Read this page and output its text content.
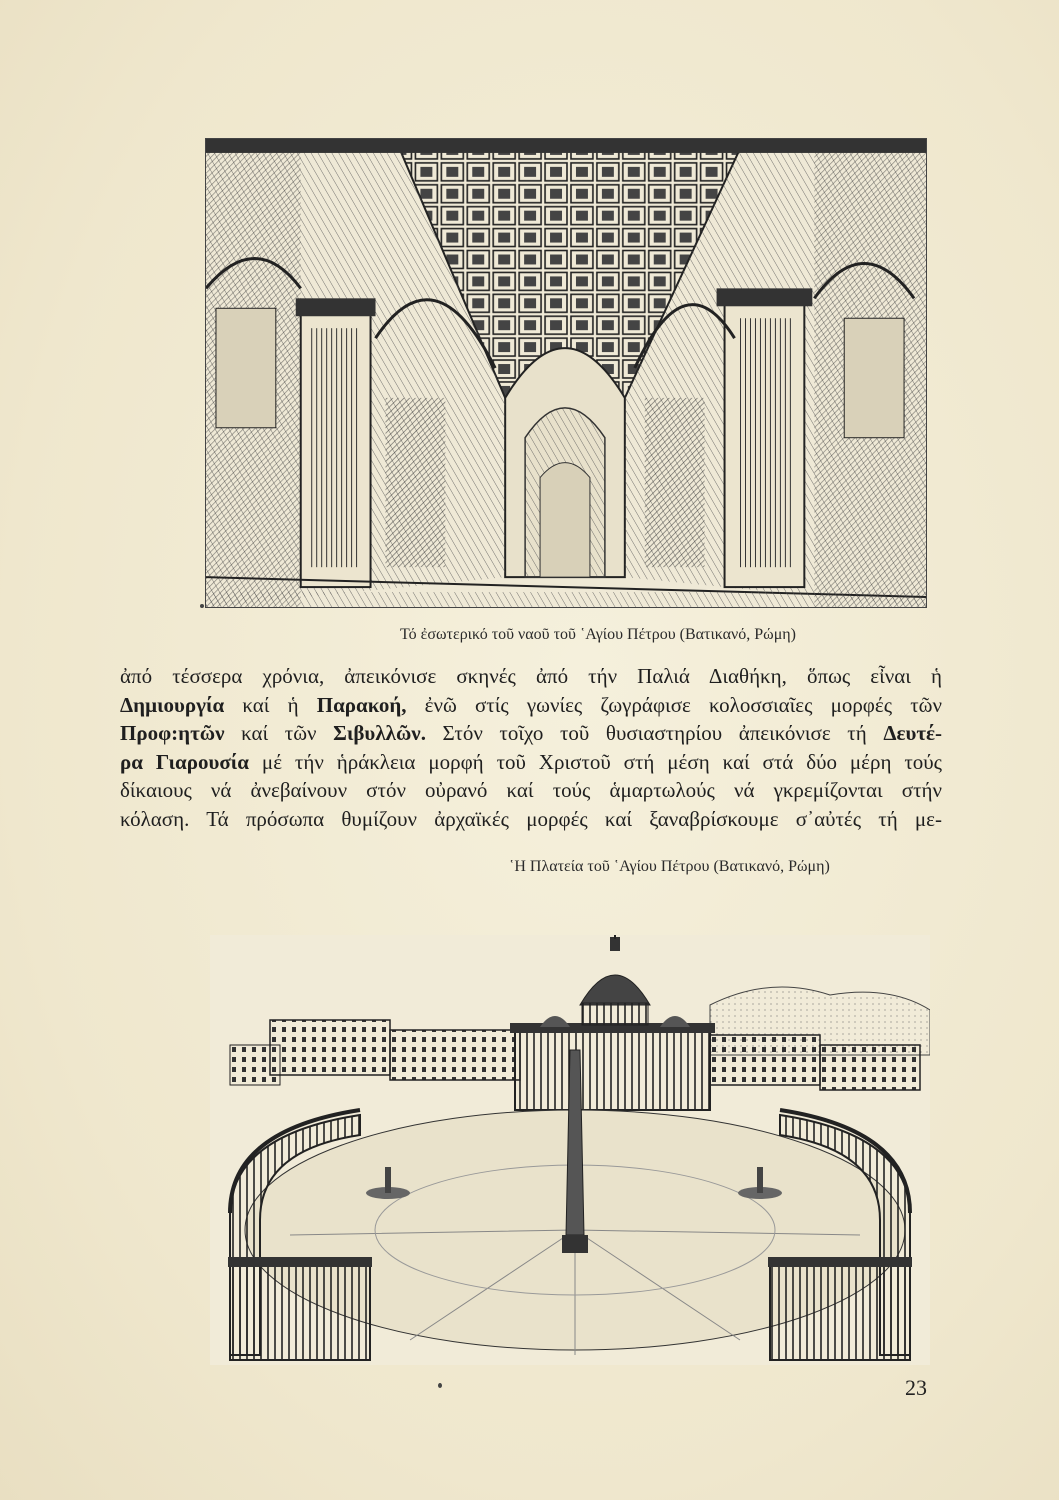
Τό ἐσωτερικό τοῦ ναοῦ τοῦ ῾Αγίου Πέτρου (Βατικανό, Ρώμη)
ἀπό τέσσερα χρόνια, ἀπεικόνισε σκηνές ἀπό τήν Παλιά Διαθήκη, ὅπως εἶναι ἡ
Δημιουργία καί ἡ Παρακοή, ἐνῶ στίς γωνίες ζωγράφισε κολοσσιαῖες μορφές τῶν
Προφ:ητῶν καί τῶν Σιβυλλῶν. Στόν τοῖχο τοῦ θυσιαστηρίου ἀπεικόνισε τή Δευτέ-
ρα Γιαρουσία μέ τήν ἡράκλεια μορφή τοῦ Χριστοῦ στή μέση καί στά δύο μέρη τούς
δίκαιους νά ἀνεβαίνουν στόν οὐρανό καί τούς ἁμαρτωλούς νά γκρεμίζονται στήν
κόλαση. Τά πρόσωπα θυμίζουν ἀρχαϊκές μορφές καί ξαναβρίσκουμε σ᾽αὐτές τή με-
῾Η Πλατεία τοῦ ῾Αγίου Πέτρου (Βατικανό, Ρώμη)
23
